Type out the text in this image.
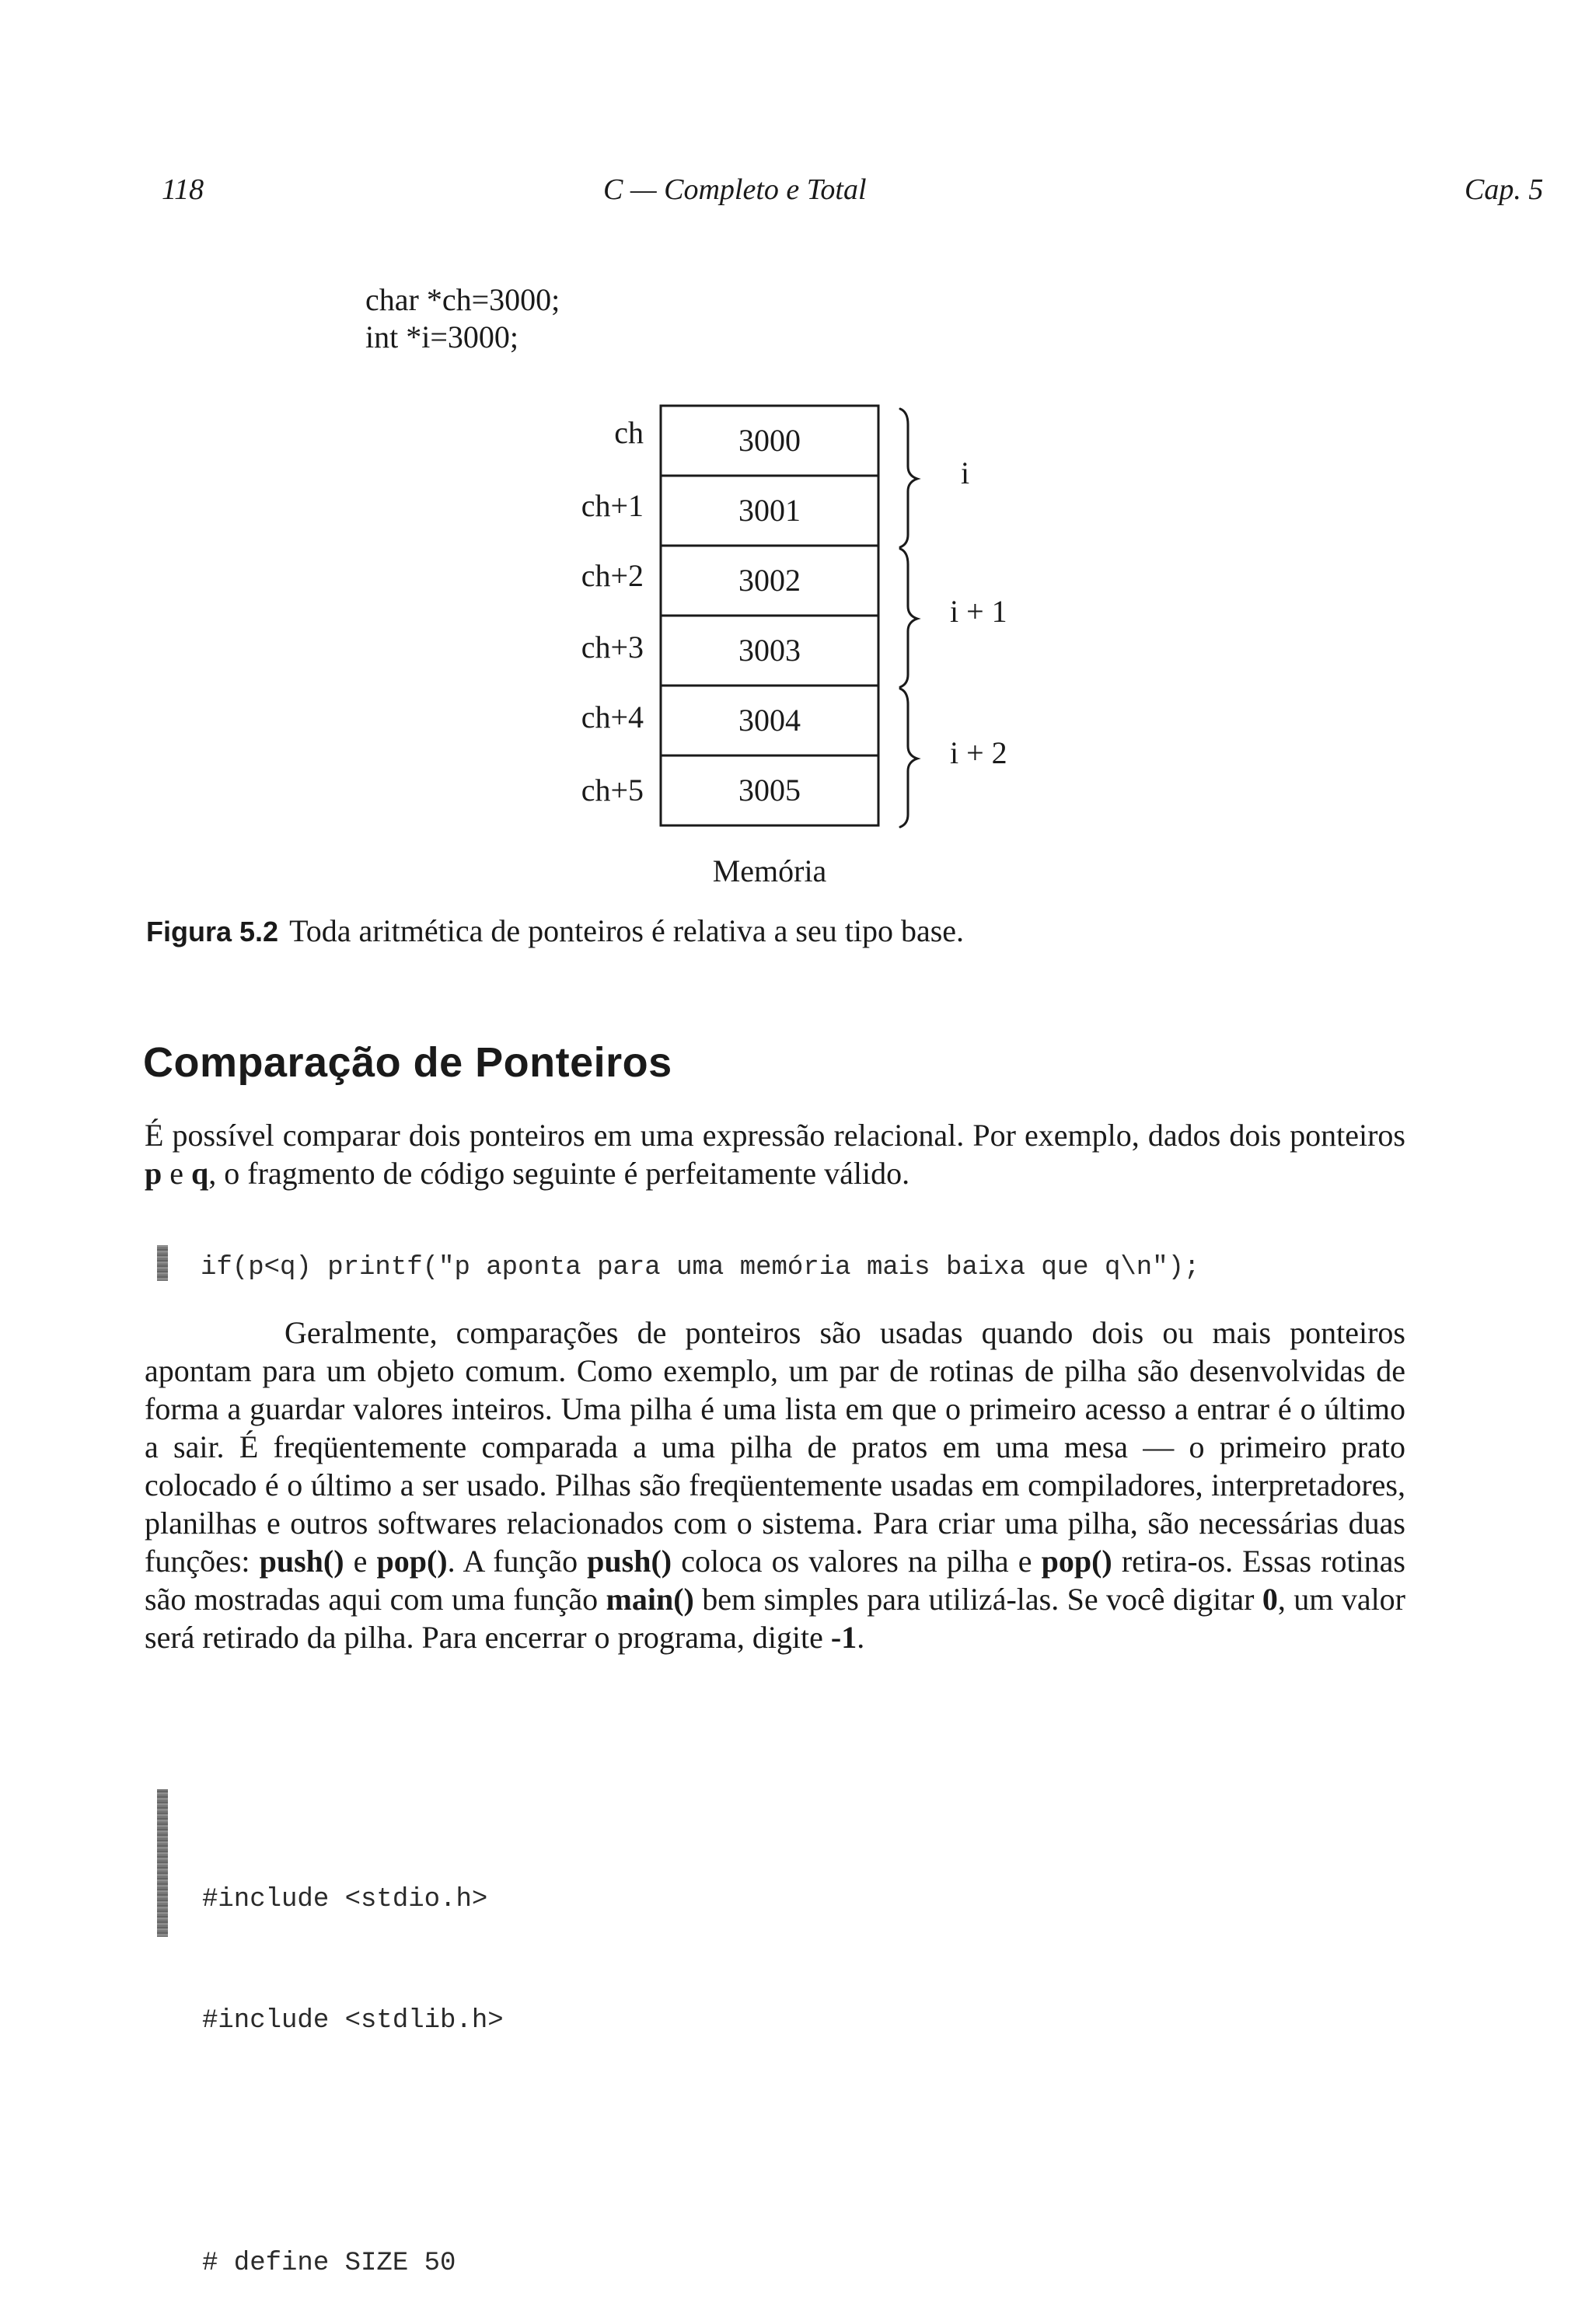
118	C — Completo e Total	Cap. 5
char *ch=3000;
int *i=3000;
3000
3001
3002
3003
3004
3005
ch
ch+1
ch+2
ch+3
ch+4
ch+5
i
i + 1
i + 2
Memória
Figura 5.2 Toda aritmética de ponteiros é relativa a seu tipo base.
Comparação de Ponteiros
É possível comparar dois ponteiros em uma expressão relacional. Por exemplo, dados dois ponteiros p e q, o fragmento de código seguinte é perfeitamente válido.
if(p<q) printf("p aponta para uma memória mais baixa que q\n");
Geralmente, comparações de ponteiros são usadas quando dois ou mais ponteiros apontam para um objeto comum. Como exemplo, um par de rotinas de pilha são desenvolvidas de forma a guardar valores inteiros. Uma pilha é uma lista em que o primeiro acesso a entrar é o último a sair. É freqüentemente comparada a uma pilha de pratos em uma mesa — o primeiro prato colocado é o último a ser usado. Pilhas são freqüentemente usadas em compiladores, interpretadores, planilhas e outros softwares relacionados com o sistema. Para criar uma pilha, são necessárias duas funções: push() e pop(). A função push() coloca os valores na pilha e pop() retira-os. Essas rotinas são mostradas aqui com uma função main() bem simples para utilizá-las. Se você digitar 0, um valor será retirado da pilha. Para encerrar o programa, digite -1.

#include <stdio.h>

#include <stdlib.h>

# define SIZE 50
